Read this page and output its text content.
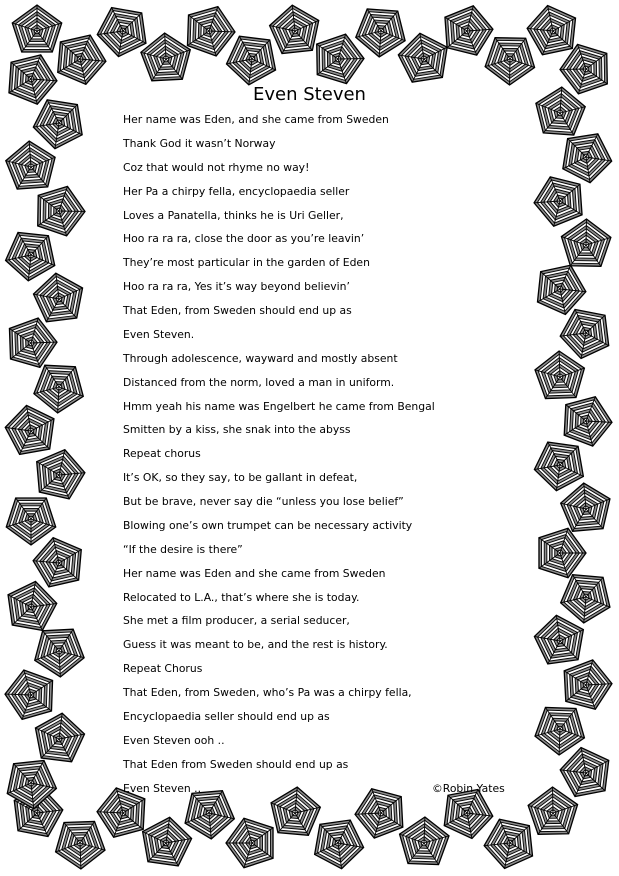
Even Steven
Her name was Eden, and she came from Sweden
Thank God it wasn’t Norway
Coz that would not rhyme no way!
Her Pa a chirpy fella, encyclopaedia seller
Loves a Panatella, thinks he is Uri Geller,
Hoo ra ra ra, close the door as you’re leavin’
They’re most particular in the garden of Eden
Hoo ra ra ra, Yes it’s way beyond believin’
That Eden, from Sweden should end up as
Even Steven.
Through adolescence, wayward and mostly absent
Distanced from the norm, loved a man in uniform.
Hmm yeah his name was Engelbert he came from Bengal
Smitten by a kiss, she snak into the abyss
Repeat chorus
It’s OK, so they say, to be gallant in defeat,
But be brave, never say die “unless you lose belief”
Blowing one’s own trumpet can be necessary activity
“If the desire is there”
Her name was Eden and she came from Sweden
Relocated to L.A., that’s where she is today.
She met a film producer, a serial seducer,
Guess it was meant to be, and the rest is history.
Repeat Chorus
That Eden, from Sweden, who’s Pa was a chirpy fella,
Encyclopaedia seller should end up as
Even Steven ooh ..
That Eden from Sweden should end up as
Even Steven ..	©Robin Yates
